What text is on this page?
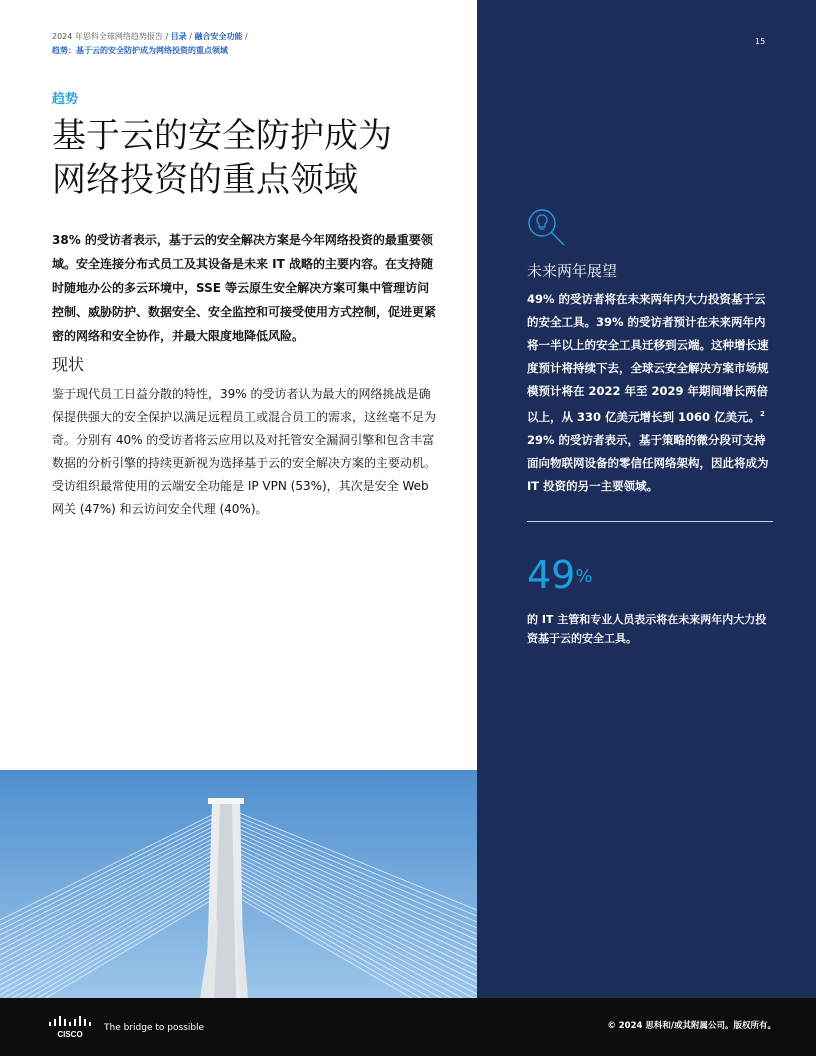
2024 年思科全球网络趋势报告 / 目录 / 融合安全功能 /
趋势：基于云的安全防护成为网络投资的重点领域
趋势
基于云的安全防护成为
网络投资的重点领域
38% 的受访者表示，基于云的安全解决方案是今年网络投资的最重要领域。安全连接分布式员工及其设备是未来 IT 战略的主要内容。在支持随时随地办公的多云环境中，SSE 等云原生安全解决方案可集中管理访问控制、威胁防护、数据安全、安全监控和可接受使用方式控制，促进更紧密的网络和安全协作，并最大限度地降低风险。
现状
鉴于现代员工日益分散的特性，39% 的受访者认为最大的网络挑战是确保提供强大的安全保护以满足远程员工或混合员工的需求，这丝毫不足为奇。分别有 40% 的受访者将云应用以及对托管安全漏洞引擎和包含丰富数据的分析引擎的持续更新视为选择基于云的安全解决方案的主要动机。受访组织最常使用的云端安全功能是 IP VPN (53%)，其次是安全 Web 网关 (47%) 和云访问安全代理 (40%)。
15
未来两年展望
49% 的受访者将在未来两年内大力投资基于云的安全工具。39% 的受访者预计在未来两年内将一半以上的安全工具迁移到云端。这种增长速度预计将持续下去，全球云安全解决方案市场规模预计将在 2022 年至 2029 年期间增长两倍以上，从 330 亿美元增长到 1060 亿美元。$^2$ 29% 的受访者表示，基于策略的微分段可支持面向物联网设备的零信任网络架构，因此将成为 IT 投资的另一主要领域。
49%
的 IT 主管和专业人员表示将在未来两年内大力投资基于云的安全工具。
CISCO
The bridge to possible	© 2024 思科和/或其附属公司。版权所有。
